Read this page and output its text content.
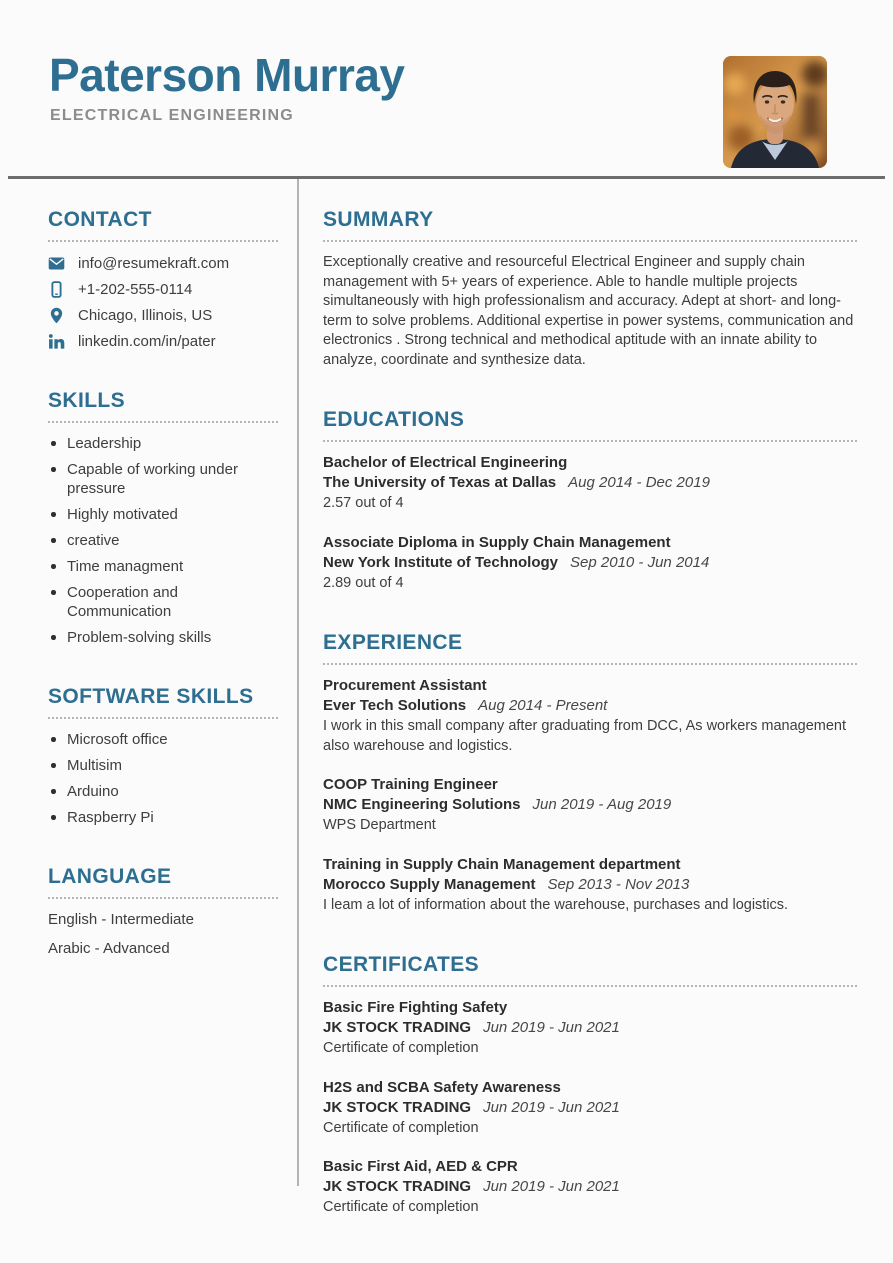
Paterson Murray
ELECTRICAL ENGINEERING
CONTACT
info@resumekraft.com
+1-202-555-0114
Chicago, Illinois, US
linkedin.com/in/pater
SKILLS
Leadership
Capable of working under pressure
Highly motivated
creative
Time managment
Cooperation and Communication
Problem-solving skills
SOFTWARE SKILLS
Microsoft office
Multisim
Arduino
Raspberry Pi
LANGUAGE
English - Intermediate
Arabic - Advanced
SUMMARY

Exceptionally creative and resourceful Electrical Engineer and supply chain management with 5+ years of experience. Able to handle multiple projects simultaneously with high professionalism and accuracy. Adept at short- and long-term to solve problems. Additional expertise in power systems, communication and electronics . Strong technical and methodical aptitude with an innate ability to analyze, coordinate and synthesize data.

EDUCATIONS
Bachelor of Electrical Engineering
The University of Texas at Dallas Aug 2014 - Dec 2019
2.57 out of 4
Associate Diploma in Supply Chain Management
New York Institute of Technology Sep 2010 - Jun 2014
2.89 out of 4
EXPERIENCE
Procurement Assistant
Ever Tech Solutions Aug 2014 - Present
I work in this small company after graduating from DCC, As workers management also warehouse and logistics.
COOP Training Engineer
NMC Engineering Solutions Jun 2019 - Aug 2019
WPS Department
Training in Supply Chain Management department
Morocco Supply Management Sep 2013 - Nov 2013
I leam a lot of information about the warehouse, purchases and logistics.
CERTIFICATES
Basic Fire Fighting Safety
JK STOCK TRADING Jun 2019 - Jun 2021
Certificate of completion
H2S and SCBA Safety Awareness
JK STOCK TRADING Jun 2019 - Jun 2021
Certificate of completion
Basic First Aid, AED & CPR
JK STOCK TRADING Jun 2019 - Jun 2021
Certificate of completion
